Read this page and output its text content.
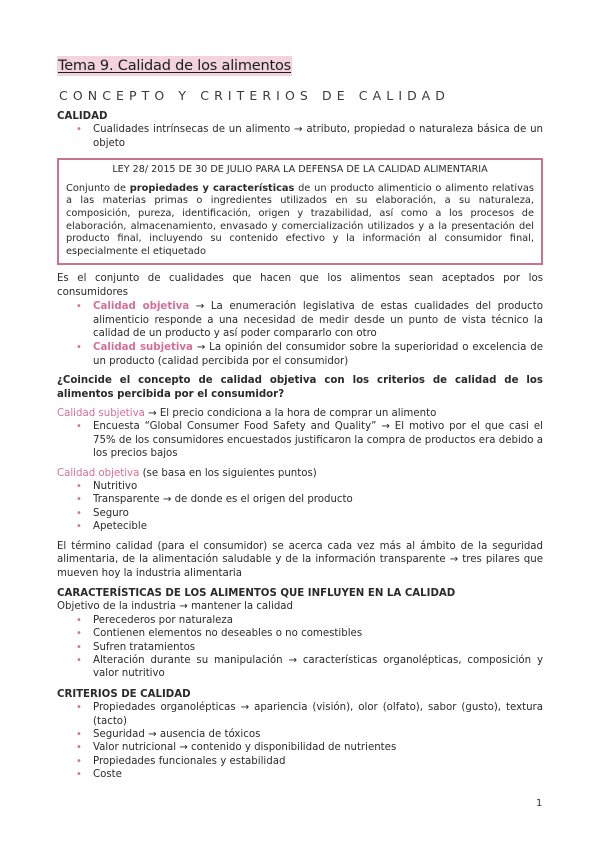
Tema 9. Calidad de los alimentos
CONCEPTO Y CRITERIOS DE CALIDAD
CALIDAD
• Cualidades intrínsecas de un alimento → atributo, propiedad o naturaleza básica de un objeto
LEY 28/ 2015 DE 30 DE JULIO PARA LA DEFENSA DE LA CALIDAD ALIMENTARIA
Conjunto de propiedades y características de un producto alimenticio o alimento relativas a las materias primas o ingredientes utilizados en su elaboración, a su naturaleza, composición, pureza, identificación, origen y trazabilidad, así como a los procesos de elaboración, almacenamiento, envasado y comercialización utilizados y a la presentación del producto final, incluyendo su contenido efectivo y la información al consumidor final, especialmente el etiquetado

Es el conjunto de cualidades que hacen que los alimentos sean aceptados por los consumidores

• Calidad objetiva → La enumeración legislativa de estas cualidades del producto alimenticio responde a una necesidad de medir desde un punto de vista técnico la calidad de un producto y así poder compararlo con otro
• Calidad subjetiva → La opinión del consumidor sobre la superioridad o excelencia de un producto (calidad percibida por el consumidor)

¿Coincide el concepto de calidad objetiva con los criterios de calidad de los alimentos percibida por el consumidor?

Calidad subjetiva → El precio condiciona a la hora de comprar un alimento

• Encuesta “Global Consumer Food Safety and Quality” → El motivo por el que casi el 75% de los consumidores encuestados justificaron la compra de productos era debido a los precios bajos

Calidad objetiva (se basa en los siguientes puntos)

• Nutritivo
• Transparente → de donde es el origen del producto
• Seguro
• Apetecible

El término calidad (para el consumidor) se acerca cada vez más al ámbito de la seguridad alimentaria, de la alimentación saludable y de la información transparente → tres pilares que mueven hoy la industria alimentaria

CARACTERÍSTICAS DE LOS ALIMENTOS QUE INFLUYEN EN LA CALIDAD

Objetivo de la industria → mantener la calidad

• Perecederos por naturaleza
• Contienen elementos no deseables o no comestibles
• Sufren tratamientos
• Alteración durante su manipulación → características organolépticas, composición y valor nutritivo
CRITERIOS DE CALIDAD
• Propiedades organolépticas → apariencia (visión), olor (olfato), sabor (gusto), textura (tacto)
• Seguridad → ausencia de tóxicos
• Valor nutricional → contenido y disponibilidad de nutrientes
• Propiedades funcionales y estabilidad
• Coste
1
